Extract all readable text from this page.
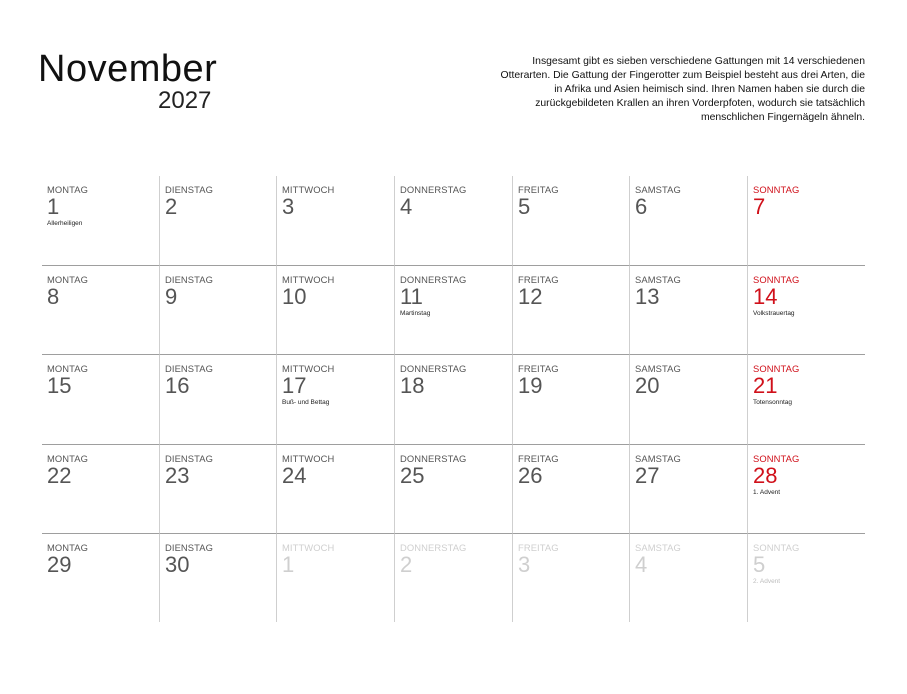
November
2027
Insgesamt gibt es sieben verschiedene Gattungen mit 14 verschiedenen Otterarten. Die Gattung der Fingerotter zum Beispiel besteht aus drei Arten, die in Afrika und Asien heimisch sind. Ihren Namen haben sie durch die zurückgebildeten Krallen an ihren Vorderpfoten, wodurch sie tatsächlich menschlichen Fingernägeln ähneln.
MONTAG
1
Allerheiligen
DIENSTAG
2
MITTWOCH
3
DONNERSTAG
4
FREITAG
5
SAMSTAG
6
SONNTAG
7
MONTAG
8
DIENSTAG
9
MITTWOCH
10
DONNERSTAG
11
Martinstag
FREITAG
12
SAMSTAG
13
SONNTAG
14
Volkstrauertag
MONTAG
15
DIENSTAG
16
MITTWOCH
17
Buß- und Bettag
DONNERSTAG
18
FREITAG
19
SAMSTAG
20
SONNTAG
21
Totensonntag
MONTAG
22
DIENSTAG
23
MITTWOCH
24
DONNERSTAG
25
FREITAG
26
SAMSTAG
27
SONNTAG
28
1. Advent
MONTAG
29
DIENSTAG
30
MITTWOCH
1
DONNERSTAG
2
FREITAG
3
SAMSTAG
4
SONNTAG
5
2. Advent
